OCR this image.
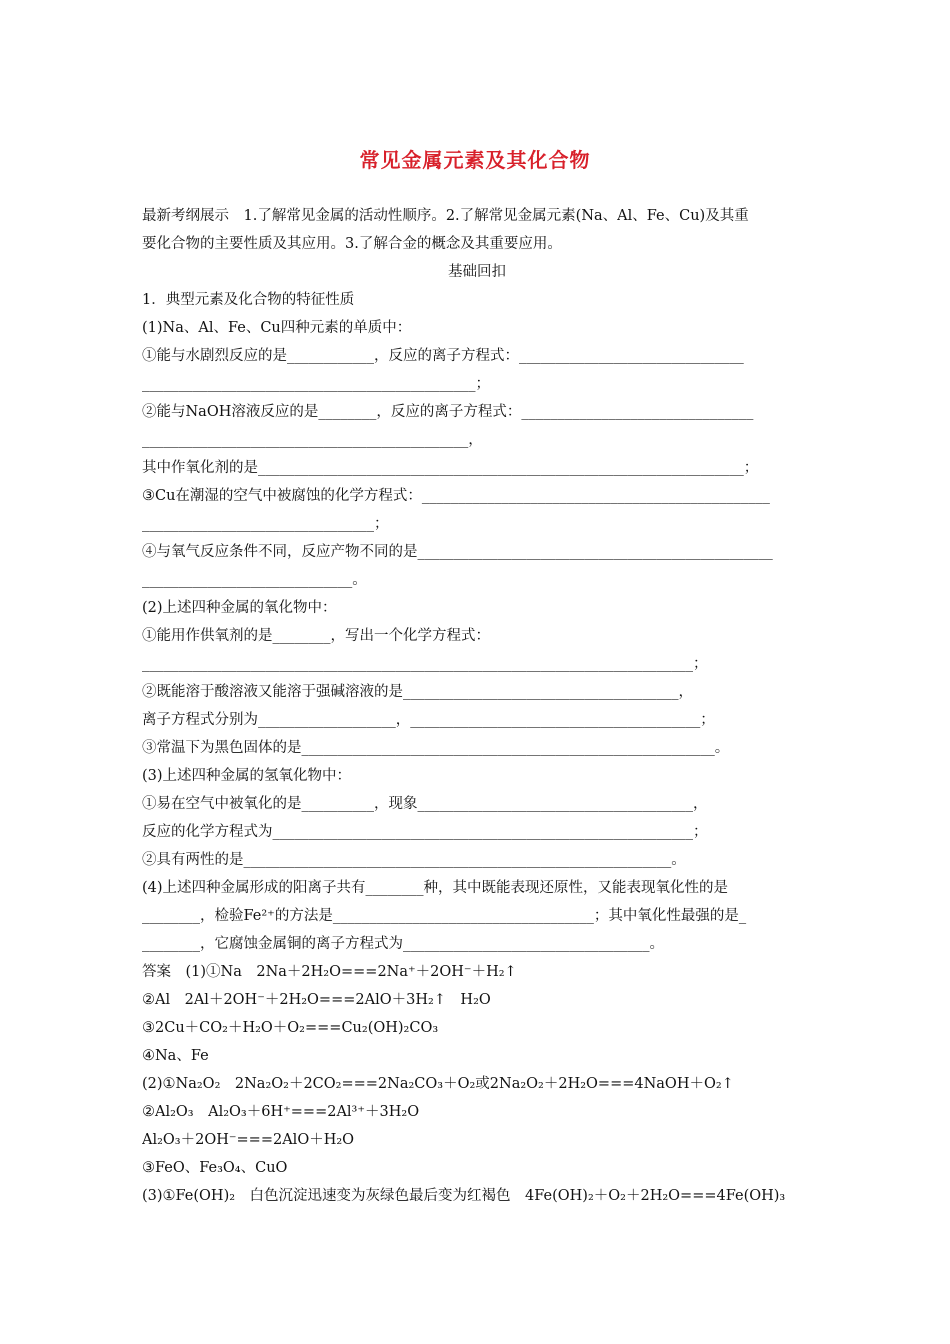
常见金属元素及其化合物
最新考纲展示　1.了解常见金属的活动性顺序。2.了解常见金属元素(Na、Al、Fe、Cu)及其重
要化合物的主要性质及其应用。3.了解合金的概念及其重要应用。
基础回扣
1．典型元素及化合物的特征性质
(1)Na、Al、Fe、Cu四种元素的单质中：
①能与水剧烈反应的是____________，反应的离子方程式：_______________________________
______________________________________________；
②能与NaOH溶液反应的是________，反应的离子方程式：________________________________
_____________________________________________，
其中作氧化剂的是___________________________________________________________________；
③Cu在潮湿的空气中被腐蚀的化学方程式：________________________________________________
________________________________；
④与氧气反应条件不同，反应产物不同的是_________________________________________________
_____________________________。
(2)上述四种金属的氧化物中：
①能用作供氧剂的是________，写出一个化学方程式：
____________________________________________________________________________；
②既能溶于酸溶液又能溶于强碱溶液的是______________________________________，
离子方程式分别为___________________，________________________________________；
③常温下为黑色固体的是_________________________________________________________。
(3)上述四种金属的氢氧化物中：
①易在空气中被氧化的是__________，现象______________________________________，
反应的化学方程式为__________________________________________________________；
②具有两性的是___________________________________________________________。
(4)上述四种金属形成的阳离子共有________种，其中既能表现还原性，又能表现氧化性的是
________，检验Fe²⁺的方法是____________________________________；其中氧化性最强的是_
________，它腐蚀金属铜的离子方程式为__________________________________。
答案　(1)①Na　2Na＋2H₂O===2Na⁺＋2OH⁻＋H₂↑
②Al　2Al＋2OH⁻＋2H₂O===2AlO＋3H₂↑　H₂O
③2Cu＋CO₂＋H₂O＋O₂===Cu₂(OH)₂CO₃
④Na、Fe
(2)①Na₂O₂　2Na₂O₂＋2CO₂===2Na₂CO₃＋O₂或2Na₂O₂＋2H₂O===4NaOH＋O₂↑
②Al₂O₃　Al₂O₃＋6H⁺===2Al³⁺＋3H₂O
Al₂O₃＋2OH⁻===2AlO＋H₂O
③FeO、Fe₃O₄、CuO
(3)①Fe(OH)₂　白色沉淀迅速变为灰绿色最后变为红褐色　4Fe(OH)₂＋O₂＋2H₂O===4Fe(OH)₃
